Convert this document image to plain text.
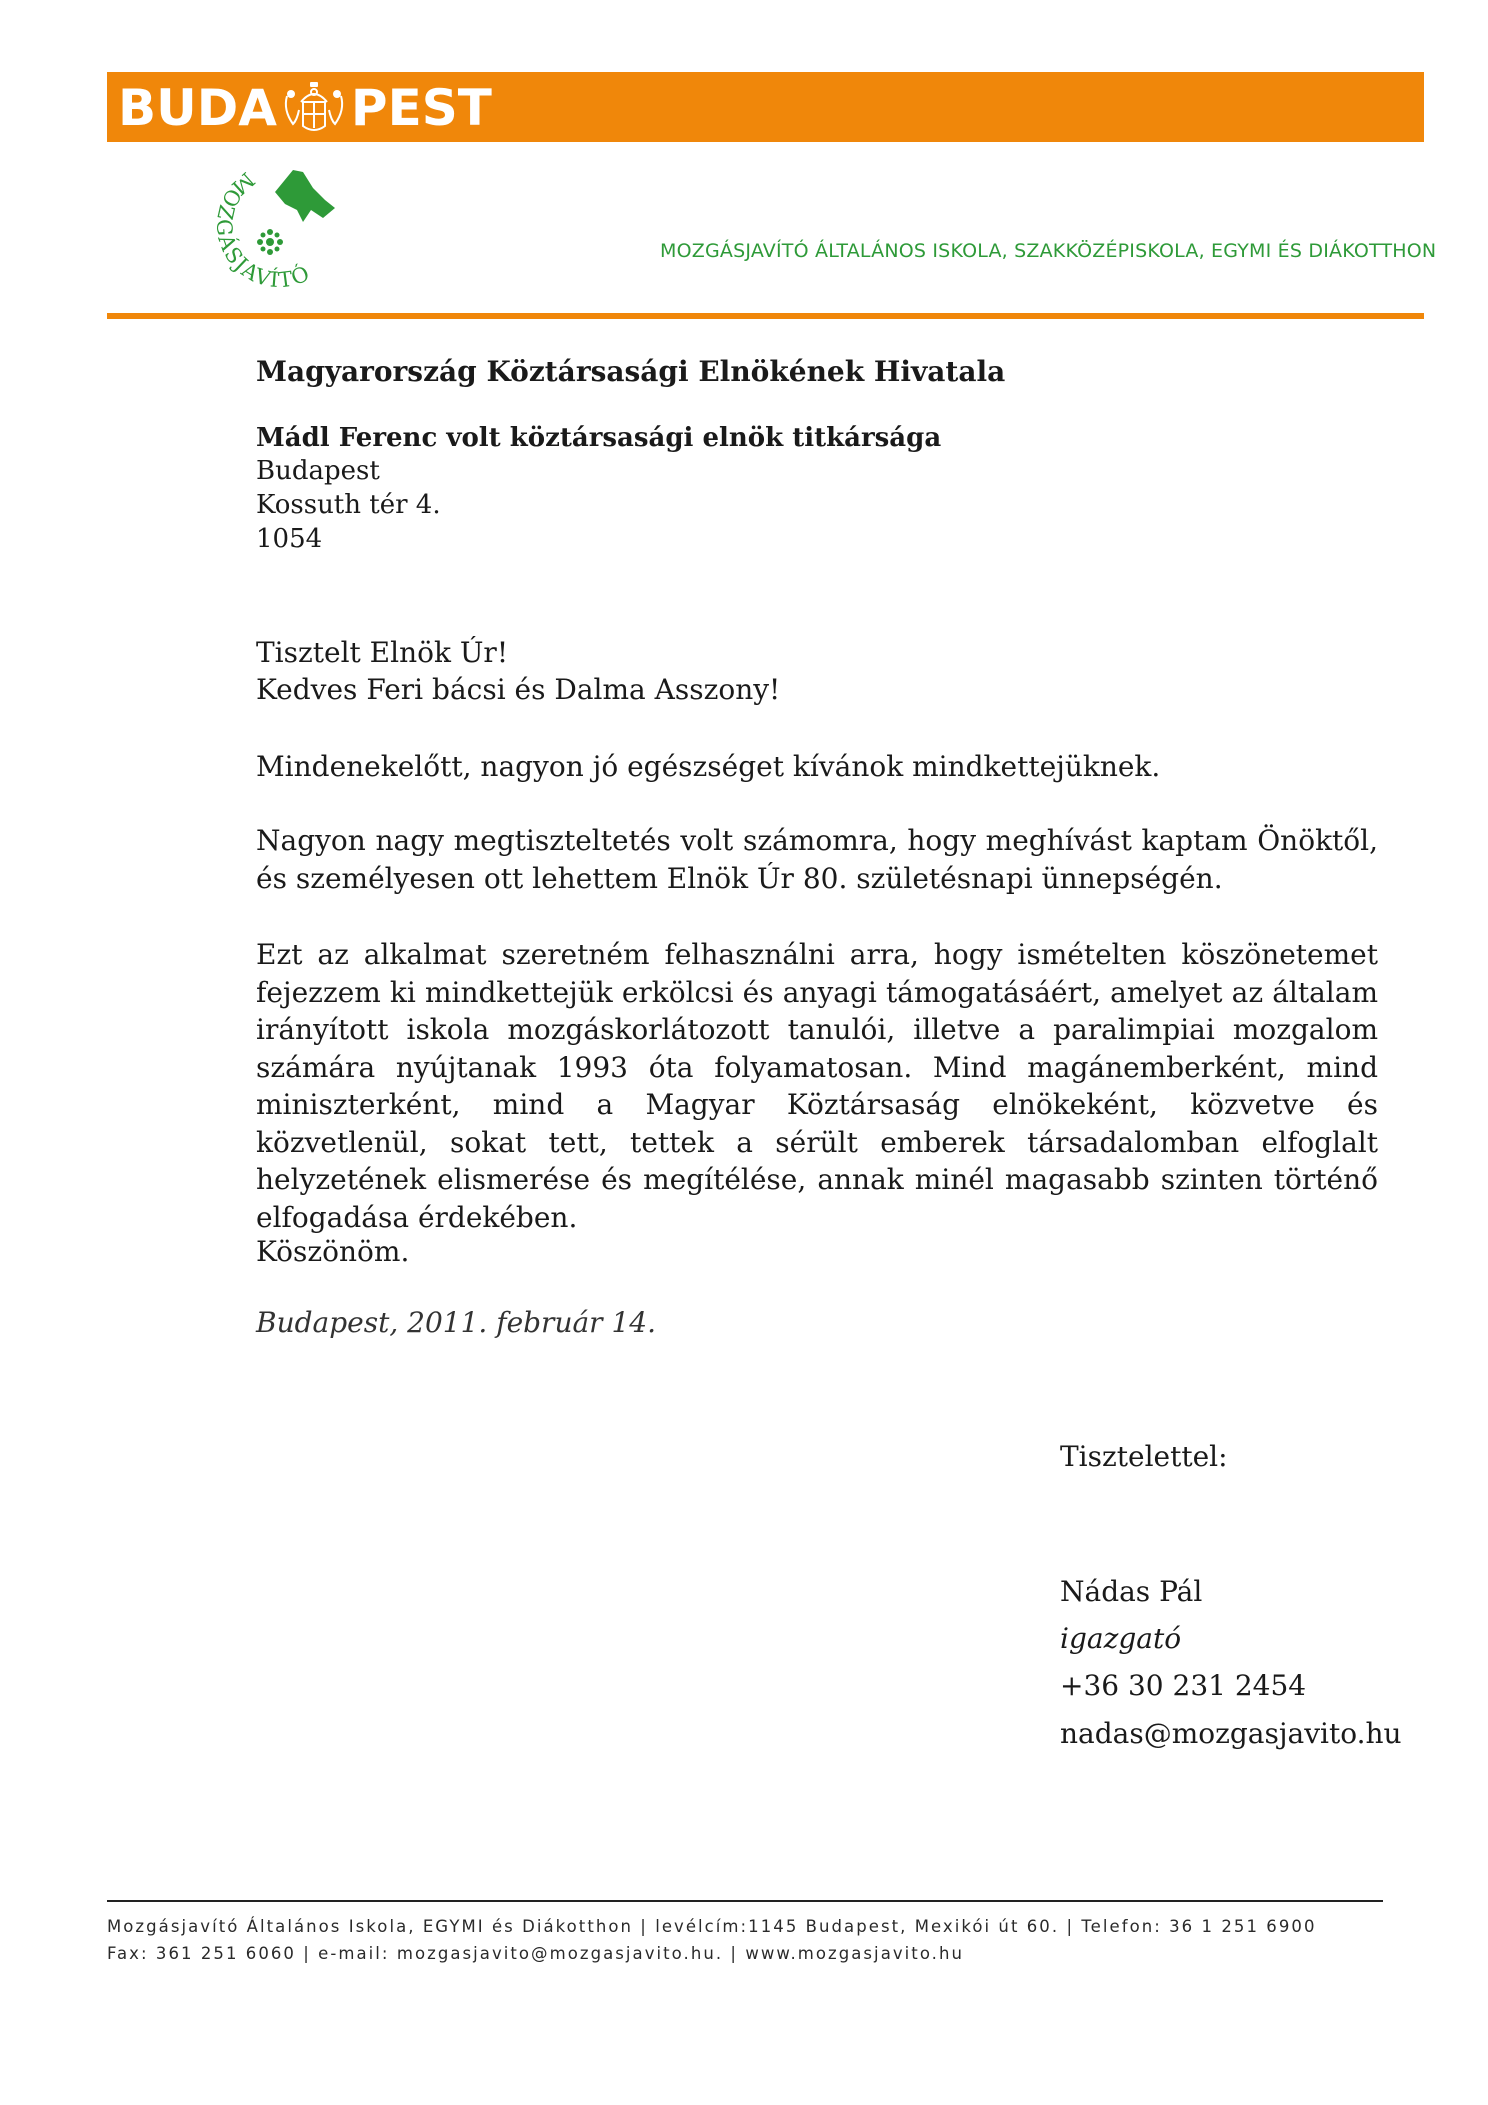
BUDA PEST
MOZGÁSJAVÍTÓ
MOZGÁSJAVÍTÓ ÁLTALÁNOS ISKOLA, SZAKKÖZÉPISKOLA, EGYMI ÉS DIÁKOTTHON
Magyarország Köztársasági Elnökének Hivatala
Mádl Ferenc volt köztársasági elnök titkársága
Budapest
Kossuth tér 4.
1054
Tisztelt Elnök Úr!
Kedves Feri bácsi és Dalma Asszony!
Mindenekelőtt, nagyon jó egészséget kívánok mindkettejüknek.
Nagyon nagy megtiszteltetés volt számomra, hogy meghívást kaptam Önöktől, és személyesen ott lehettem Elnök Úr 80. születésnapi ünnepségén.
Ezt az alkalmat szeretném felhasználni arra, hogy ismételten köszönetemet fejezzem ki mindkettejük erkölcsi és anyagi támogatásáért, amelyet az általam irányított iskola mozgáskorlátozott tanulói, illetve a paralimpiai mozgalom számára nyújtanak 1993 óta folyamatosan. Mind magánemberként, mind miniszterként, mind a Magyar Köztársaság elnökeként, közvetve és közvetlenül, sokat tett, tettek a sérült emberek társadalomban elfoglalt helyzetének elismerése és megítélése, annak minél magasabb szinten történő elfogadása érdekében.
Köszönöm.
Budapest, 2011. február 14.
Tisztelettel:
Nádas Pál
igazgató
+36 30 231 2454
nadas@mozgasjavito.hu
Mozgásjavító Általános Iskola, EGYMI és Diákotthon | levélcím:1145 Budapest, Mexikói út 60. | Telefon: 36 1 251 6900
Fax: 361 251 6060 | e-mail: mozgasjavito@mozgasjavito.hu. | www.mozgasjavito.hu
